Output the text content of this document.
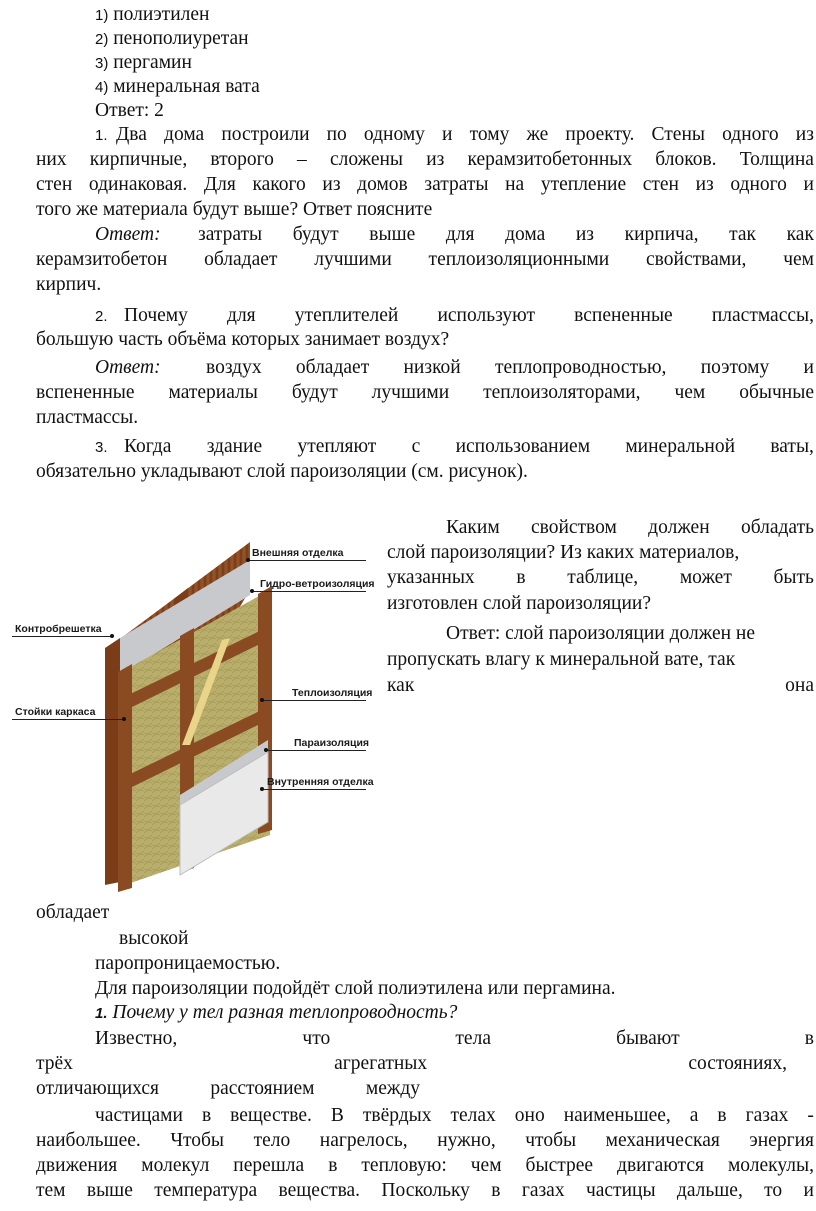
1) полиэтилен
2) пенополиуретан
3) пергамин
4) минеральная вата
Ответ: 2
1. Два дома построили по одному и тому же проекту. Стены одного из
них кирпичные, второго – сложены из керамзитобетонных блоков. Толщина
стен одинаковая. Для какого из домов затраты на утепление стен из одного и
того же материала будут выше? Ответ поясните
Ответ: затраты будут выше для дома из кирпича, так как
керамзитобетон обладает лучшими теплоизоляционными свойствами, чем
кирпич.
2. Почему для утеплителей используют вспененные пластмассы,
большую часть объёма которых занимает воздух?
Ответ: воздух обладает низкой теплопроводностью, поэтому и
вспененные материалы будут лучшими теплоизоляторами, чем обычные
пластмассы.
3. Когда здание утепляют с использованием минеральной ваты,
обязательно укладывают слой пароизоляции (см. рисунок).
Внешняя отделка
Гидро-ветроизоляция
Контробрешетка
Теплоизоляция
Стойки каркаса
Параизоляция
Внутренняя отделка
Каким свойством должен обладать
слой пароизоляции? Из каких материалов,
указанных в таблице, может быть
изготовлен слой пароизоляции?
Ответ: слой пароизоляции должен не
пропускать влагу к минеральной вате, так
как	она
обладает
высокой
паропроницаемостью.
Для пароизоляции подойдёт слой полиэтилена или пергамина.
1. Почему у тел разная теплопроводность?
Известно,	что	тела	бывают	в
трёх	агрегатных	состояниях,
отличающихся	расстоянием	между
частицами в веществе. В твёрдых телах оно наименьшее, а в газах -
наибольшее. Чтобы тело нагрелось, нужно, чтобы механическая энергия
движения молекул перешла в тепловую: чем быстрее двигаются молекулы,
тем выше температура вещества. Поскольку в газах частицы дальше, то и
